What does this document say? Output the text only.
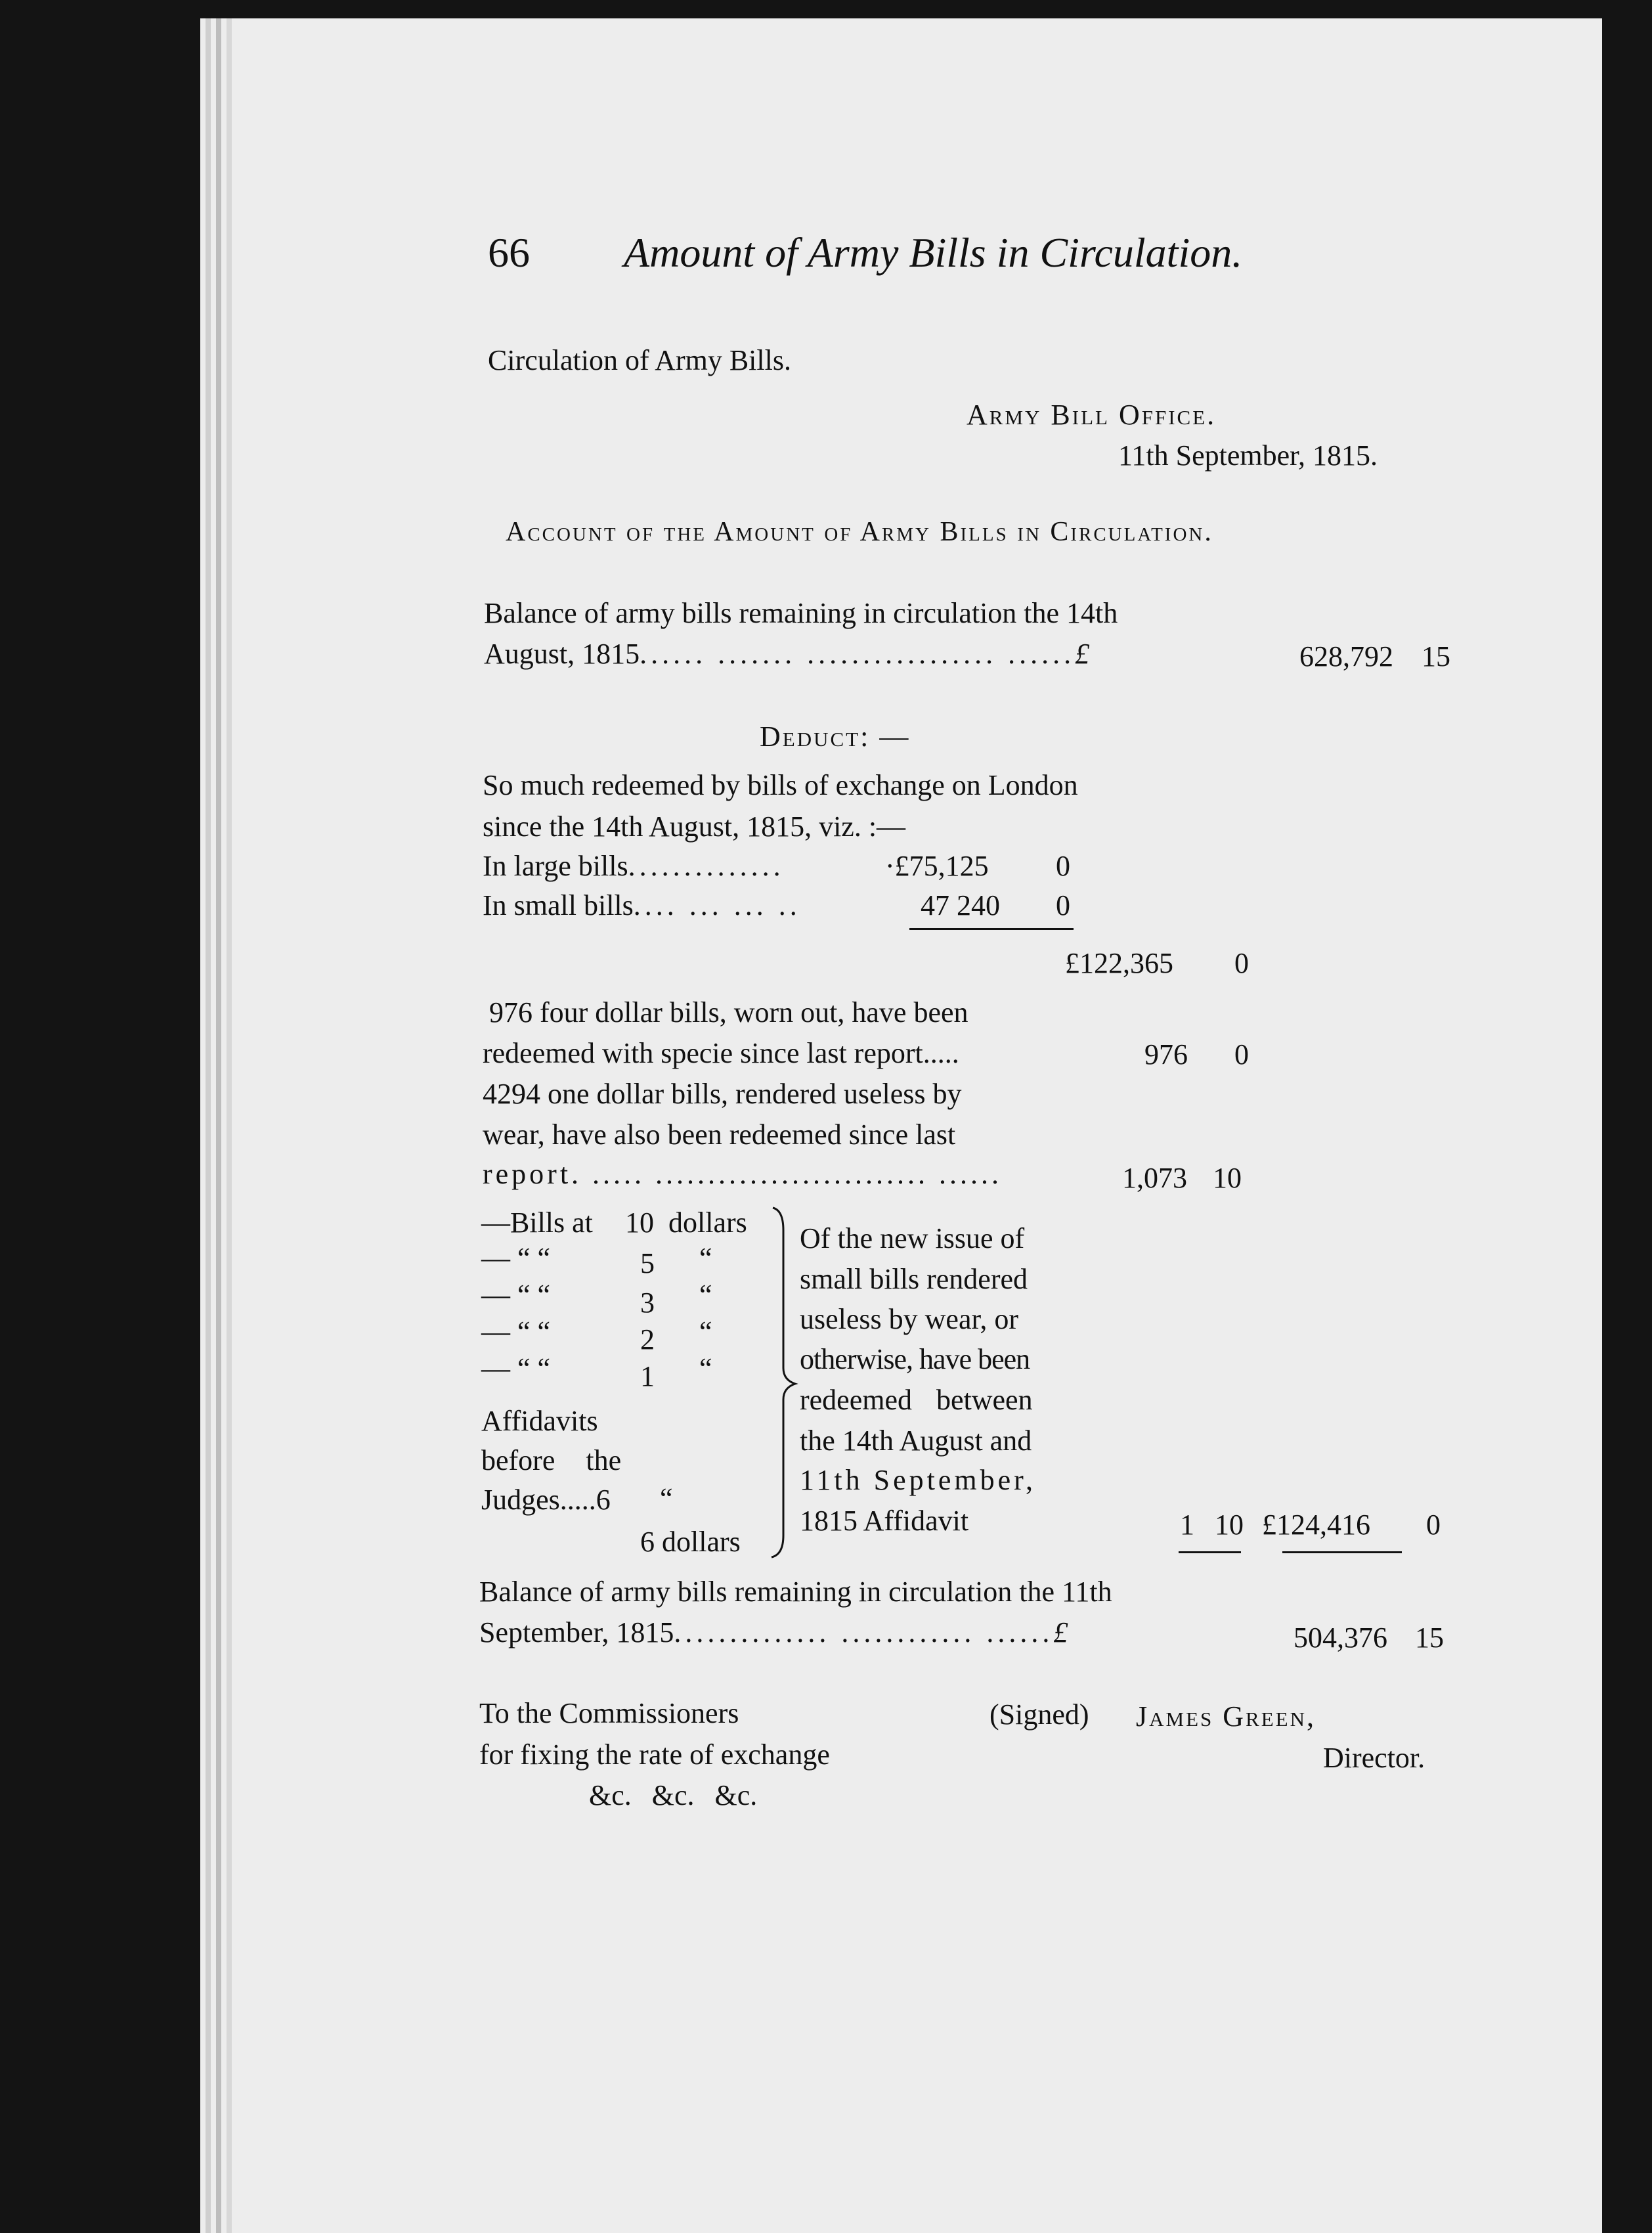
66 Amount of Army Bills in Circulation.
Circulation of Army Bills.
Army Bill Office.
11th September, 1815.
Account of the Amount of Army Bills in Circulation.
Balance of army bills remaining in circulation the 14th
August, 1815...... ....... ................. ......£	628,792 15
Deduct: —
So much redeemed by bills of exchange on London
since the 14th August, 1815, viz. :—
In large bills..............	·£75,125 0
In small bills.... ... ... ..	47 240 0
£122,365 0
976 four dollar bills, worn out, have been
redeemed with specie since last report.....	976 0
4294 one dollar bills, rendered useless by
wear, have also been redeemed since last
report. ..... .......................... ......	1,073 10
—Bills at 10 dollars
— “ “	5 “
— “ “	3 “
— “ “	2 “
— “ “	1 “
Affidavits
before the
Judges.....6 “
6 dollars
Of the new issue of
small bills rendered
useless by wear, or
otherwise, have been
redeemed between
the 14th August and
11th September,
1815 Affidavit	1 10 £124,416 0
Balance of army bills remaining in circulation the 11th
September, 1815.............. ............ ......£	504,376 15
To the Commissioners
for fixing the rate of exchange
&c. &c. &c.
(Signed) James Green,
Director.
